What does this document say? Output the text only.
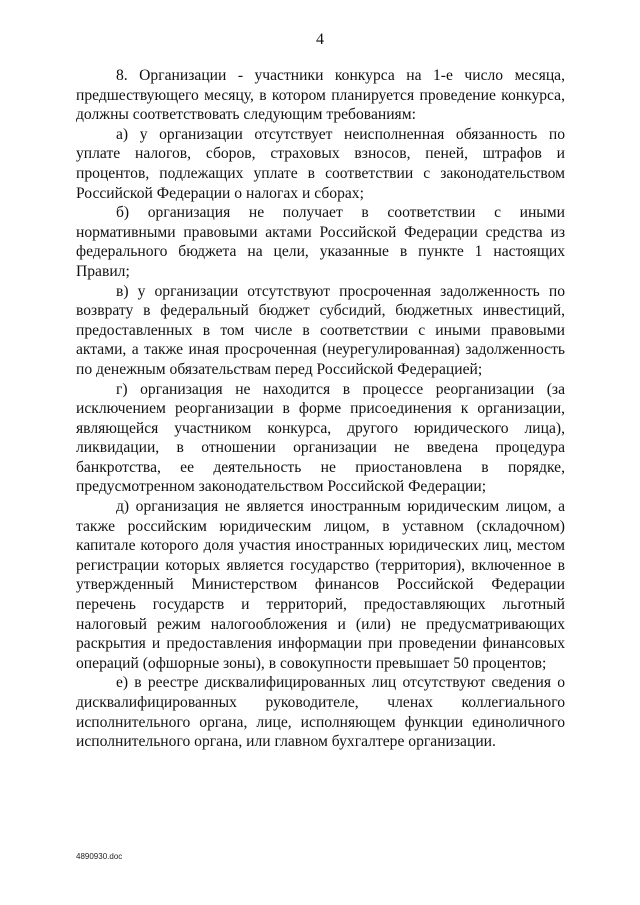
4

8. Организации - участники конкурса на 1-е число месяца, предшествующего месяцу, в котором планируется проведение конкурса, должны соответствовать следующим требованиям:

а) у организации отсутствует неисполненная обязанность по уплате налогов, сборов, страховых взносов, пеней, штрафов и процентов, подлежащих уплате в соответствии с законодательством Российской Федерации о налогах и сборах;

б) организация не получает в соответствии с иными нормативными правовыми актами Российской Федерации средства из федерального бюджета на цели, указанные в пункте 1 настоящих Правил;

в) у организации отсутствуют просроченная задолженность по возврату в федеральный бюджет субсидий, бюджетных инвестиций, предоставленных в том числе в соответствии с иными правовыми актами, а также иная просроченная (неурегулированная) задолженность по денежным обязательствам перед Российской Федерацией;

г) организация не находится в процессе реорганизации (за исключением реорганизации в форме присоединения к организации, являющейся участником конкурса, другого юридического лица), ликвидации, в отношении организации не введена процедура банкротства, ее деятельность не приостановлена в порядке, предусмотренном законодательством Российской Федерации;

д) организация не является иностранным юридическим лицом, а также российским юридическим лицом, в уставном (складочном) капитале которого доля участия иностранных юридических лиц, местом регистрации которых является государство (территория), включенное в утвержденный Министерством финансов Российской Федерации перечень государств и территорий, предоставляющих льготный налоговый режим налогообложения и (или) не предусматривающих раскрытия и предоставления информации при проведении финансовых операций (офшорные зоны), в совокупности превышает 50 процентов;

е) в реестре дисквалифицированных лиц отсутствуют сведения о дисквалифицированных руководителе, членах коллегиального исполнительного органа, лице, исполняющем функции единоличного исполнительного органа, или главном бухгалтере организации.

4890930.doc
